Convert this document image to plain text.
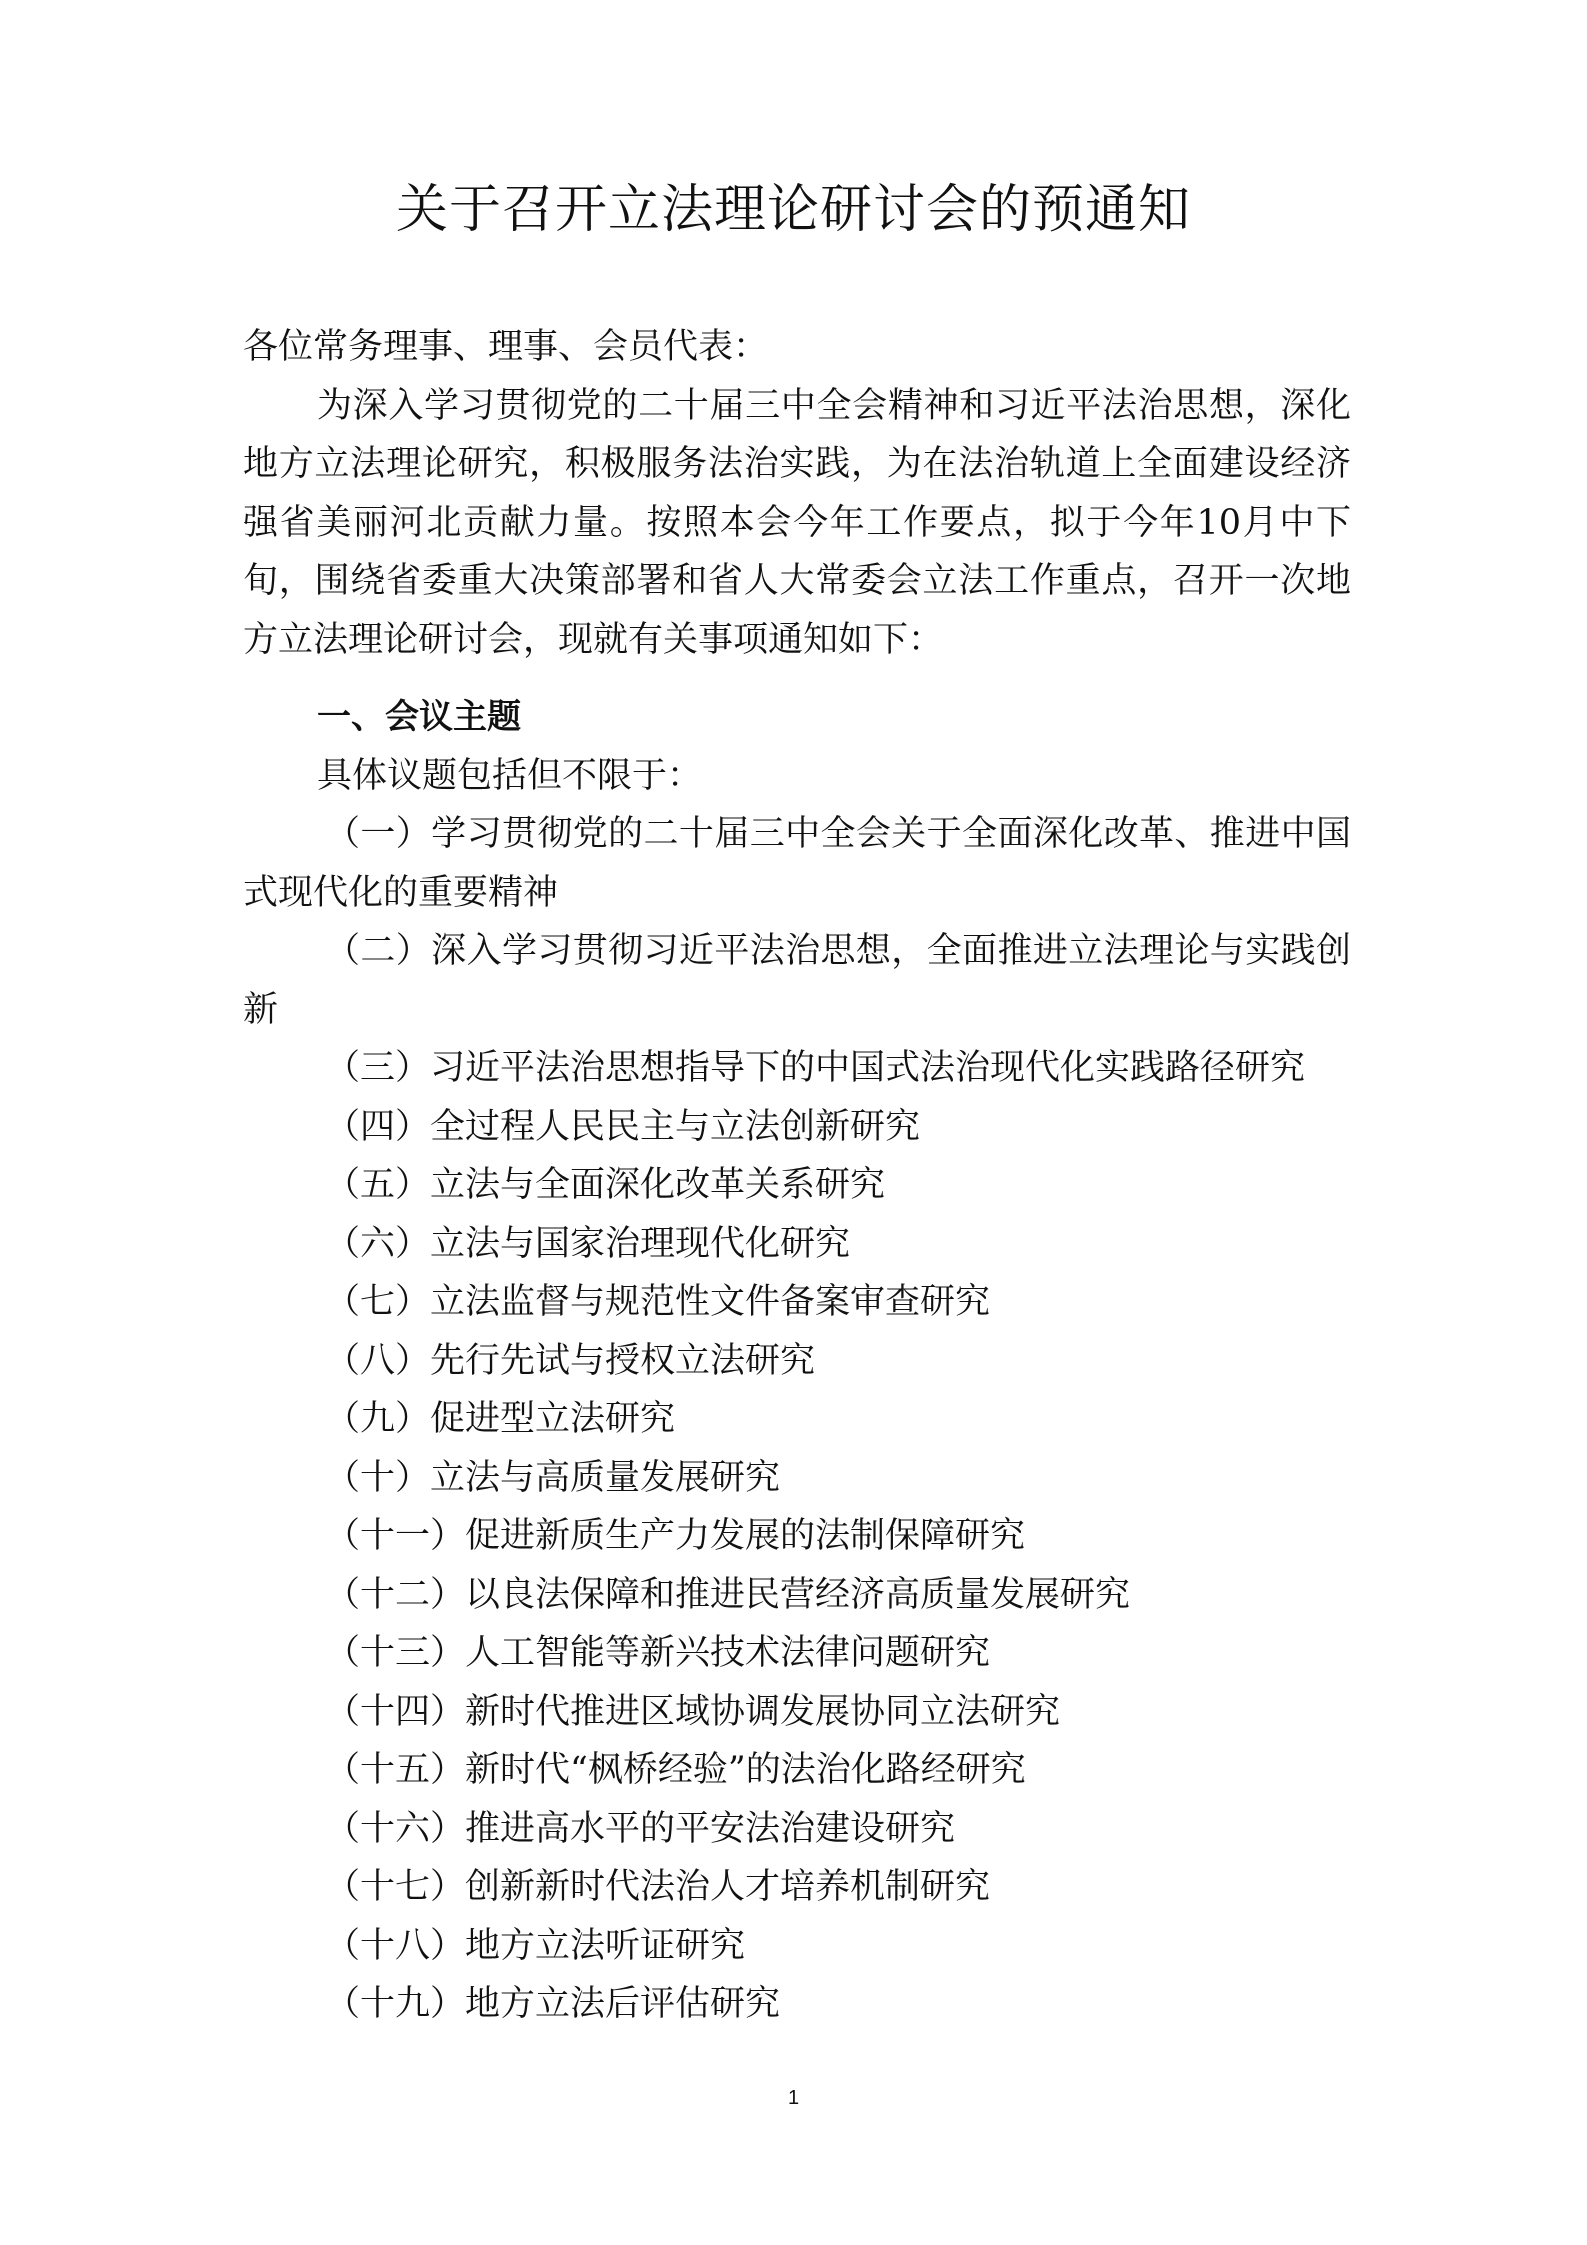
关于召开立法理论研讨会的预通知

各位常务理事、理事、会员代表：

为深入学习贯彻党的二十届三中全会精神和习近平法治思想，深化地方立法理论研究，积极服务法治实践，为在法治轨道上全面建设经济强省美丽河北贡献力量。按照本会今年工作要点，拟于今年10月中下旬，围绕省委重大决策部署和省人大常委会立法工作重点，召开一次地方立法理论研讨会，现就有关事项通知如下：

一、会议主题

具体议题包括但不限于：

（一）学习贯彻党的二十届三中全会关于全面深化改革、推进中国式现代化的重要精神

（二）深入学习贯彻习近平法治思想，全面推进立法理论与实践创新

（三）习近平法治思想指导下的中国式法治现代化实践路径研究

（四）全过程人民民主与立法创新研究

（五）立法与全面深化改革关系研究

（六）立法与国家治理现代化研究

（七）立法监督与规范性文件备案审查研究

（八）先行先试与授权立法研究

（九）促进型立法研究

（十）立法与高质量发展研究

（十一）促进新质生产力发展的法制保障研究

（十二）以良法保障和推进民营经济高质量发展研究

（十三）人工智能等新兴技术法律问题研究

（十四）新时代推进区域协调发展协同立法研究

（十五）新时代“枫桥经验”的法治化路经研究

（十六）推进高水平的平安法治建设研究

（十七）创新新时代法治人才培养机制研究

（十八）地方立法听证研究

（十九）地方立法后评估研究

1
